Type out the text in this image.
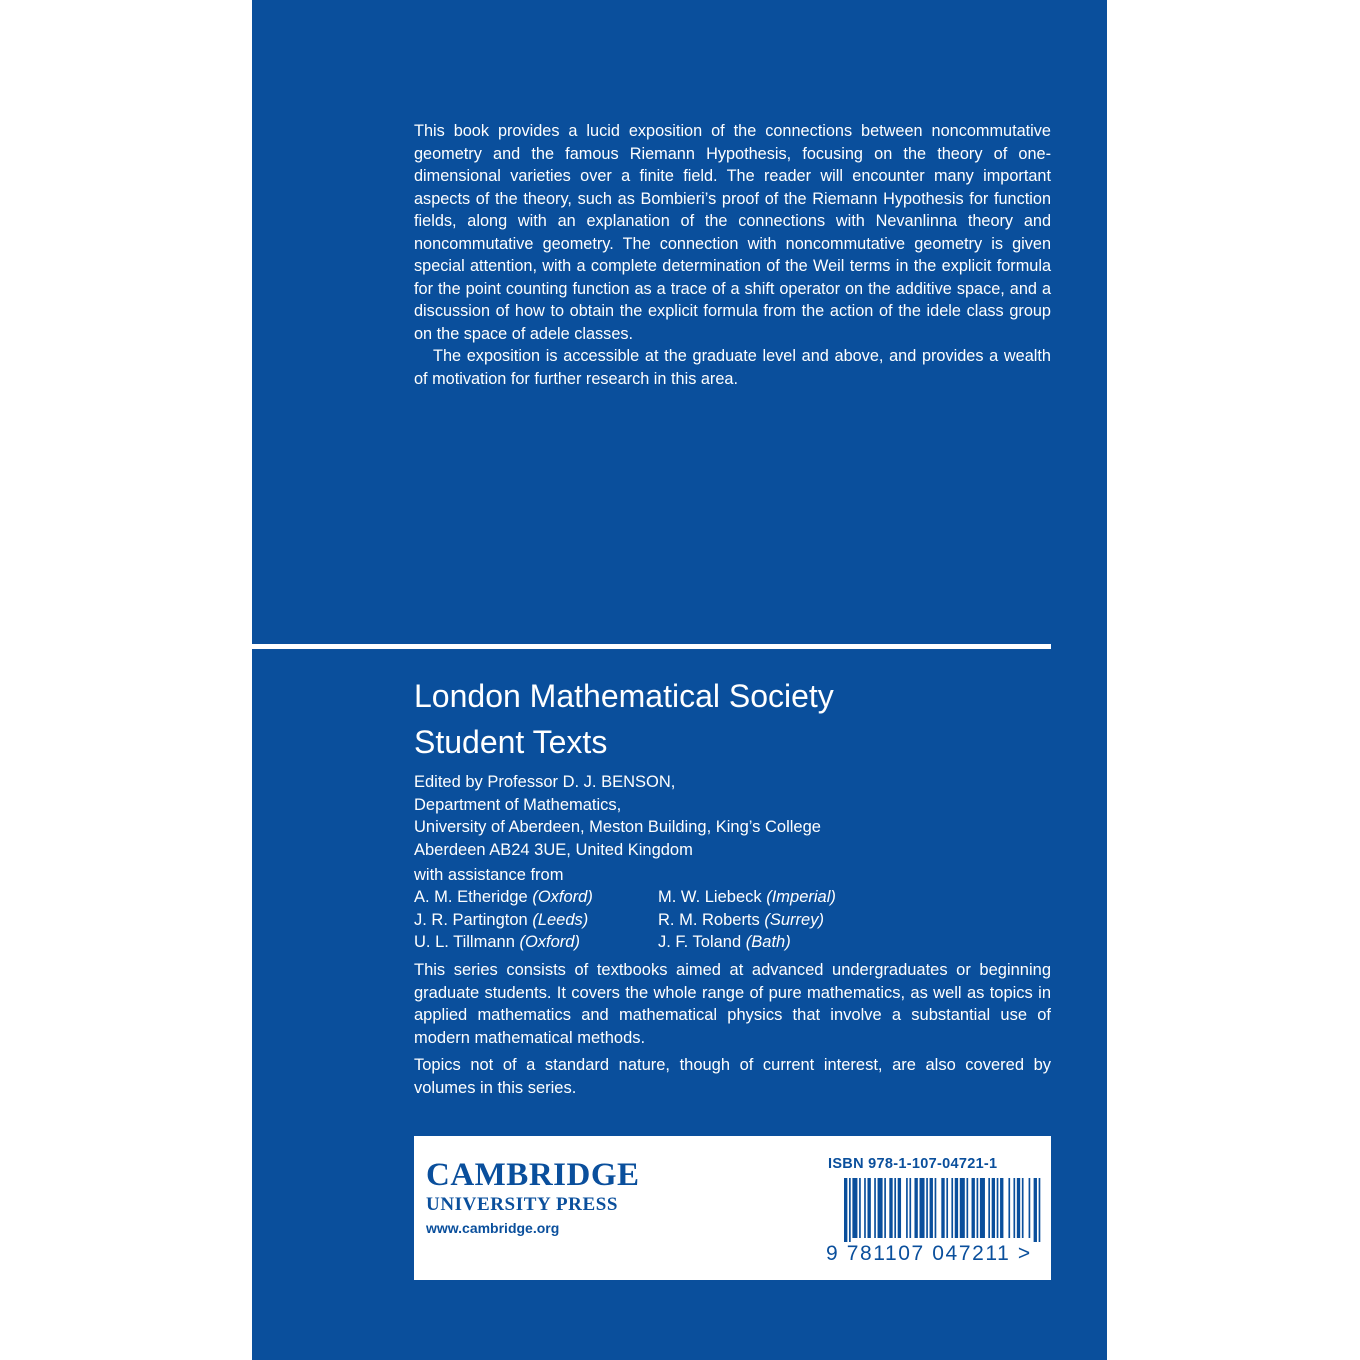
This book provides a lucid exposition of the connections between noncommutative geometry and the famous Riemann Hypothesis, focusing on the theory of one-dimensional varieties over a finite field. The reader will encounter many important aspects of the theory, such as Bombieri’s proof of the Riemann Hypothesis for function fields, along with an explanation of the connections with Nevanlinna theory and noncommutative geometry. The connection with noncommutative geometry is given special attention, with a complete determination of the Weil terms in the explicit formula for the point counting function as a trace of a shift operator on the additive space, and a discussion of how to obtain the explicit formula from the action of the idele class group on the space of adele classes.

The exposition is accessible at the graduate level and above, and provides a wealth of motivation for further research in this area.

London Mathematical Society
Student Texts
Edited by Professor D. J. BENSON,
Department of Mathematics,
University of Aberdeen, Meston Building, King’s College
Aberdeen AB24 3UE, United Kingdom
with assistance from
A. M. Etheridge (Oxford)	M. W. Liebeck (Imperial)
J. R. Partington (Leeds)	R. M. Roberts (Surrey)
U. L. Tillmann (Oxford)	J. F. Toland (Bath)

This series consists of textbooks aimed at advanced undergraduates or beginning graduate students. It covers the whole range of pure mathematics, as well as topics in applied mathematics and mathematical physics that involve a substantial use of modern mathematical methods.

Topics not of a standard nature, though of current interest, are also covered by volumes in this series.

CAMBRIDGE
UNIVERSITY PRESS
www.cambridge.org
ISBN 978-1-107-04721-1
9 781107 047211 >
